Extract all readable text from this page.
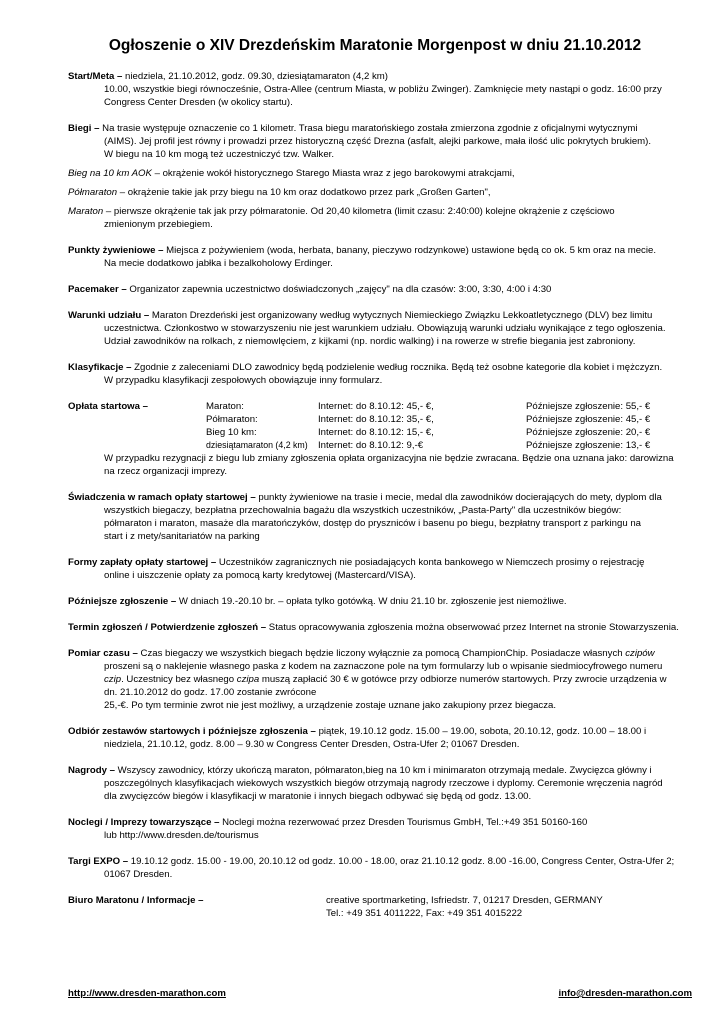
Ogłoszenie o XIV Drezdeńskim Maratonie Morgenpost w dniu 21.10.2012

Start/Meta – niedziela, 21.10.2012, godz. 09.30, dziesiątamaraton (4,2 km)

10.00, wszystkie biegi równocześnie, Ostra-Allee (centrum Miasta, w pobliżu Zwinger). Zamknięcie mety nastąpi o godz. 16:00 przy

Congress Center Dresden (w okolicy startu).

Biegi – Na trasie występuje oznaczenie co 1 kilometr. Trasa biegu maratońskiego została zmierzona zgodnie z oficjalnymi wytycznymi

(AIMS). Jej profil jest równy i prowadzi przez historyczną część Drezna (asfalt, alejki parkowe, mała ilość ulic pokrytych brukiem).

W biegu na 10 km mogą też uczestniczyć tzw. Walker.

Bieg na 10 km AOK – okrążenie wokół historycznego Starego Miasta wraz z jego barokowymi atrakcjami,

Półmaraton – okrążenie takie jak przy biegu na 10 km oraz dodatkowo przez park „Großen Garten",

Maraton – pierwsze okrążenie tak jak przy półmaratonie. Od 20,40 kilometra (limit czasu: 2:40:00) kolejne okrążenie z częściowo

zmienionym przebiegiem.

Punkty żywieniowe – Miejsca z pożywieniem (woda, herbata, banany, pieczywo rodzynkowe) ustawione będą co ok. 5 km oraz na mecie.

Na mecie dodatkowo jabłka i bezalkoholowy Erdinger.

Pacemaker – Organizator zapewnia uczestnictwo doświadczonych „zajęcy" na dla czasów: 3:00, 3:30, 4:00 i 4:30

Warunki udziału – Maraton Drezdeński jest organizowany według wytycznych Niemieckiego Związku Lekkoatletycznego (DLV) bez limitu

uczestnictwa. Członkostwo w stowarzyszeniu nie jest warunkiem udziału. Obowiązują warunki udziału wynikające z tego ogłoszenia.

Udział zawodników na rolkach, z niemowlęciem, z kijkami (np. nordic walking) i na rowerze w strefie biegania jest zabroniony.

Klasyfikacje – Zgodnie z zaleceniami DLO zawodnicy będą podzielenie według rocznika. Będą też osobne kategorie dla kobiet i mężczyzn.

W przypadku klasyfikacji zespołowych obowiązuje inny formularz.

Opłata startowa –	Maraton:	Internet: do 8.10.12: 45,- €,	Późniejsze zgłoszenie: 55,- €
Półmaraton:	Internet: do 8.10.12: 35,- €,	Późniejsze zgłoszenie: 45,- €
Bieg 10 km:	Internet: do 8.10.12: 15,- €,	Późniejsze zgłoszenie: 20,- €
dziesiątamaraton (4,2 km) Internet: do 8.10.12: 9,-€	Późniejsze zgłoszenie: 13,- €

W przypadku rezygnacji z biegu lub zmiany zgłoszenia opłata organizacyjna nie będzie zwracana. Będzie ona uznana jako: darowizna

na rzecz organizacji imprezy.

Świadczenia w ramach opłaty startowej – punkty żywieniowe na trasie i mecie, medal dla zawodników docierających do mety, dyplom dla

wszystkich biegaczy, bezpłatna przechowalnia bagażu dla wszystkich uczestników, „Pasta-Party" dla uczestników biegów:

półmaraton i maraton, masaże dla maratończyków, dostęp do pryszniców i basenu po biegu, bezpłatny transport z parkingu na

start i z mety/sanitariatów na parking

Formy zapłaty opłaty startowej – Uczestników zagranicznych nie posiadających konta bankowego w Niemczech prosimy o rejestrację

online i uiszczenie opłaty za pomocą karty kredytowej (Mastercard/VISA).

Późniejsze zgłoszenie – W dniach 19.-20.10 br. – opłata tylko gotówką. W dniu 21.10 br. zgłoszenie jest niemożliwe.

Termin zgłoszeń / Potwierdzenie zgłoszeń – Status opracowywania zgłoszenia można obserwować przez Internet na stronie Stowarzyszenia.

Pomiar czasu – Czas biegaczy we wszystkich biegach będzie liczony wyłącznie za pomocą ChampionChip. Posiadacze własnych czipów

proszeni są o naklejenie własnego paska z kodem na zaznaczone pole na tym formularzy lub o wpisanie siedmiocyfrowego numeru

czip. Uczestnicy bez własnego czipa muszą zapłacić 30 € w gotówce przy odbiorze numerów startowych. Przy zwrocie urządzenia w

dn. 21.10.2012 do godz. 17.00 zostanie zwrócone

25,-€. Po tym terminie zwrot nie jest możliwy, a urządzenie zostaje uznane jako zakupiony przez biegacza.

Odbiór zestawów startowych i późniejsze zgłoszenia – piątek, 19.10.12 godz. 15.00 – 19.00, sobota, 20.10.12, godz. 10.00 – 18.00 i

niedziela, 21.10.12, godz. 8.00 – 9.30 w Congress Center Dresden, Ostra-Ufer 2; 01067 Dresden.

Nagrody – Wszyscy zawodnicy, którzy ukończą maraton, półmaraton,bieg na 10 km i minimaraton otrzymają medale. Zwycięzca główny i

poszczególnych klasyfikacjach wiekowych wszystkich biegów otrzymają nagrody rzeczowe i dyplomy. Ceremonie wręczenia nagród

dla zwycięzców biegów i klasyfikacji w maratonie i innych biegach odbywać się będą od godz. 13.00.

Noclegi / Imprezy towarzyszące – Noclegi można rezerwować przez Dresden Tourismus GmbH, Tel.:+49 351 50160-160

lub http://www.dresden.de/tourismus

Targi EXPO – 19.10.12 godz. 15.00 - 19.00, 20.10.12 od godz. 10.00 - 18.00, oraz 21.10.12 godz. 8.00 -16.00, Congress Center, Ostra-Ufer 2;

01067 Dresden.

Biuro Maratonu / Informacje –	creative sportmarketing, Isfriedstr. 7, 01217 Dresden, GERMANY
Tel.: +49 351 4011222, Fax: +49 351 4015222
http://www.dresden-marathon.com	info@dresden-marathon.com
